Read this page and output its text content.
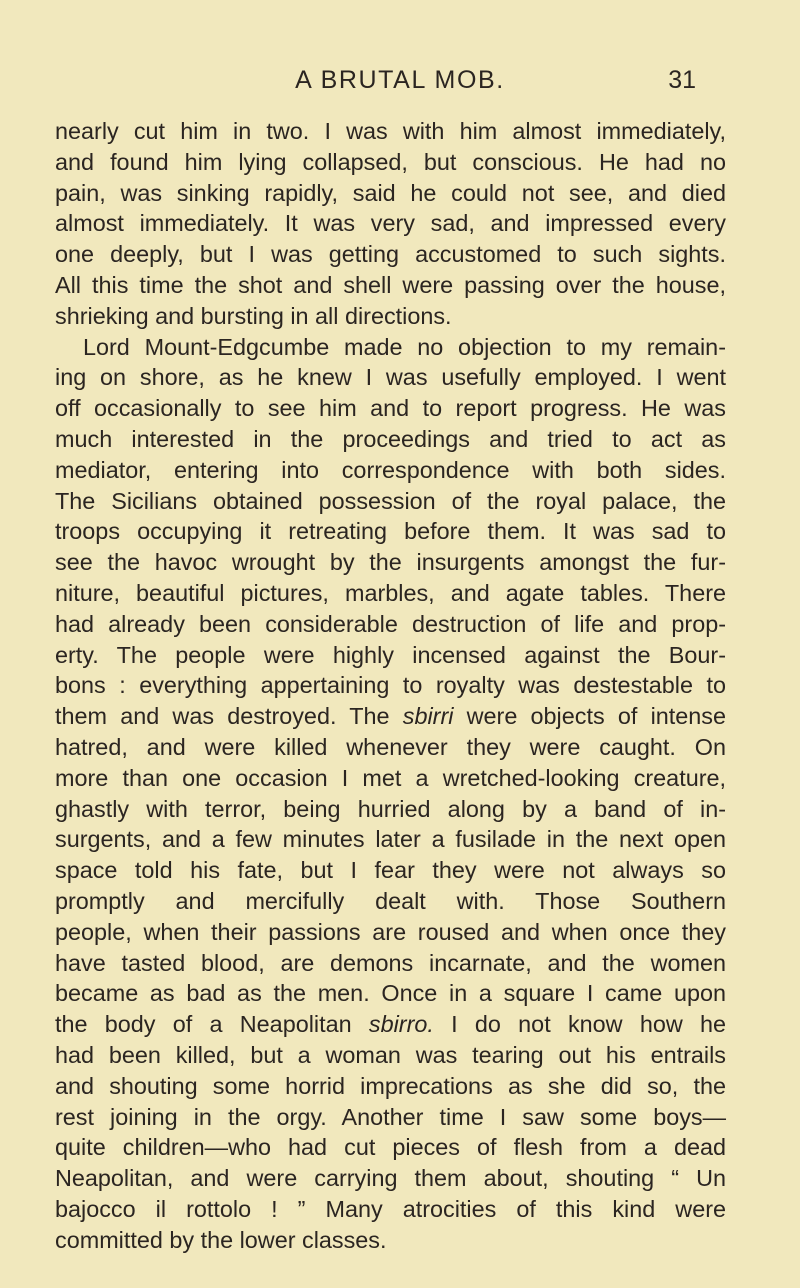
A BRUTAL MOB.	31
nearly cut him in two. I was with him almost immediately,
and found him lying collapsed, but conscious. He had no
pain, was sinking rapidly, said he could not see, and died
almost immediately. It was very sad, and impressed every
one deeply, but I was getting accustomed to such sights.
All this time the shot and shell were passing over the house,
shrieking and bursting in all directions.
Lord Mount-Edgcumbe made no objection to my remain-
ing on shore, as he knew I was usefully employed. I went
off occasionally to see him and to report progress. He was
much interested in the proceedings and tried to act as
mediator, entering into correspondence with both sides.
The Sicilians obtained possession of the royal palace, the
troops occupying it retreating before them. It was sad to
see the havoc wrought by the insurgents amongst the fur-
niture, beautiful pictures, marbles, and agate tables. There
had already been considerable destruction of life and prop-
erty. The people were highly incensed against the Bour-
bons : everything appertaining to royalty was destestable to
them and was destroyed. The sbirri were objects of intense
hatred, and were killed whenever they were caught. On
more than one occasion I met a wretched-looking creature,
ghastly with terror, being hurried along by a band of in-
surgents, and a few minutes later a fusilade in the next open
space told his fate, but I fear they were not always so
promptly and mercifully dealt with. Those Southern
people, when their passions are roused and when once they
have tasted blood, are demons incarnate, and the women
became as bad as the men. Once in a square I came upon
the body of a Neapolitan sbirro. I do not know how he
had been killed, but a woman was tearing out his entrails
and shouting some horrid imprecations as she did so, the
rest joining in the orgy. Another time I saw some boys—
quite children—who had cut pieces of flesh from a dead
Neapolitan, and were carrying them about, shouting “ Un
bajocco il rottolo ! ” Many atrocities of this kind were
committed by the lower classes.
